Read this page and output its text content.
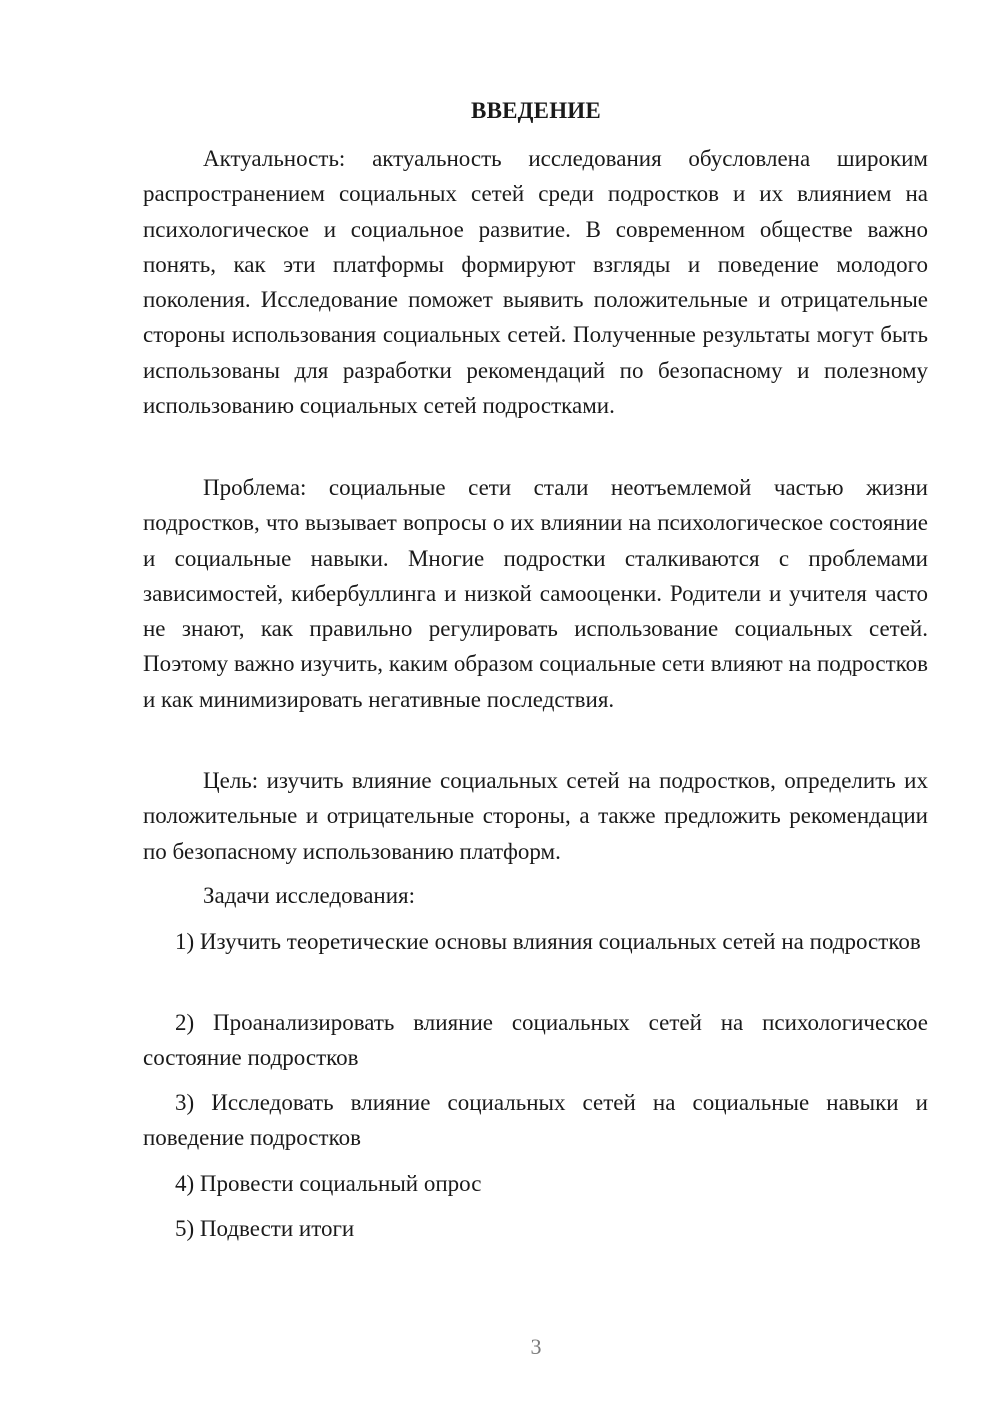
ВВЕДЕНИЕ

Актуальность: актуальность исследования обусловлена широким распространением социальных сетей среди подростков и их влиянием на психологическое и социальное развитие. В современном обществе важно понять, как эти платформы формируют взгляды и поведение молодого поколения. Исследование поможет выявить положительные и отрицательные стороны использования социальных сетей. Полученные результаты могут быть использованы для разработки рекомендаций по безопасному и полезному использованию социальных сетей подростками.

Проблема: социальные сети стали неотъемлемой частью жизни подростков, что вызывает вопросы о их влиянии на психологическое состояние и социальные навыки. Многие подростки сталкиваются с проблемами зависимостей, кибербуллинга и низкой самооценки. Родители и учителя часто не знают, как правильно регулировать использование социальных сетей. Поэтому важно изучить, каким образом социальные сети влияют на подростков и как минимизировать негативные последствия.

Цель: изучить влияние социальных сетей на подростков, определить их положительные и отрицательные стороны, а также предложить рекомендации по безопасному использованию платформ.

Задачи исследования:

1) Изучить теоретические основы влияния социальных сетей на подростков

2) Проанализировать влияние социальных сетей на психологическое состояние подростков

3) Исследовать влияние социальных сетей на социальные навыки и поведение подростков

4) Провести социальный опрос

5) Подвести итоги

3
